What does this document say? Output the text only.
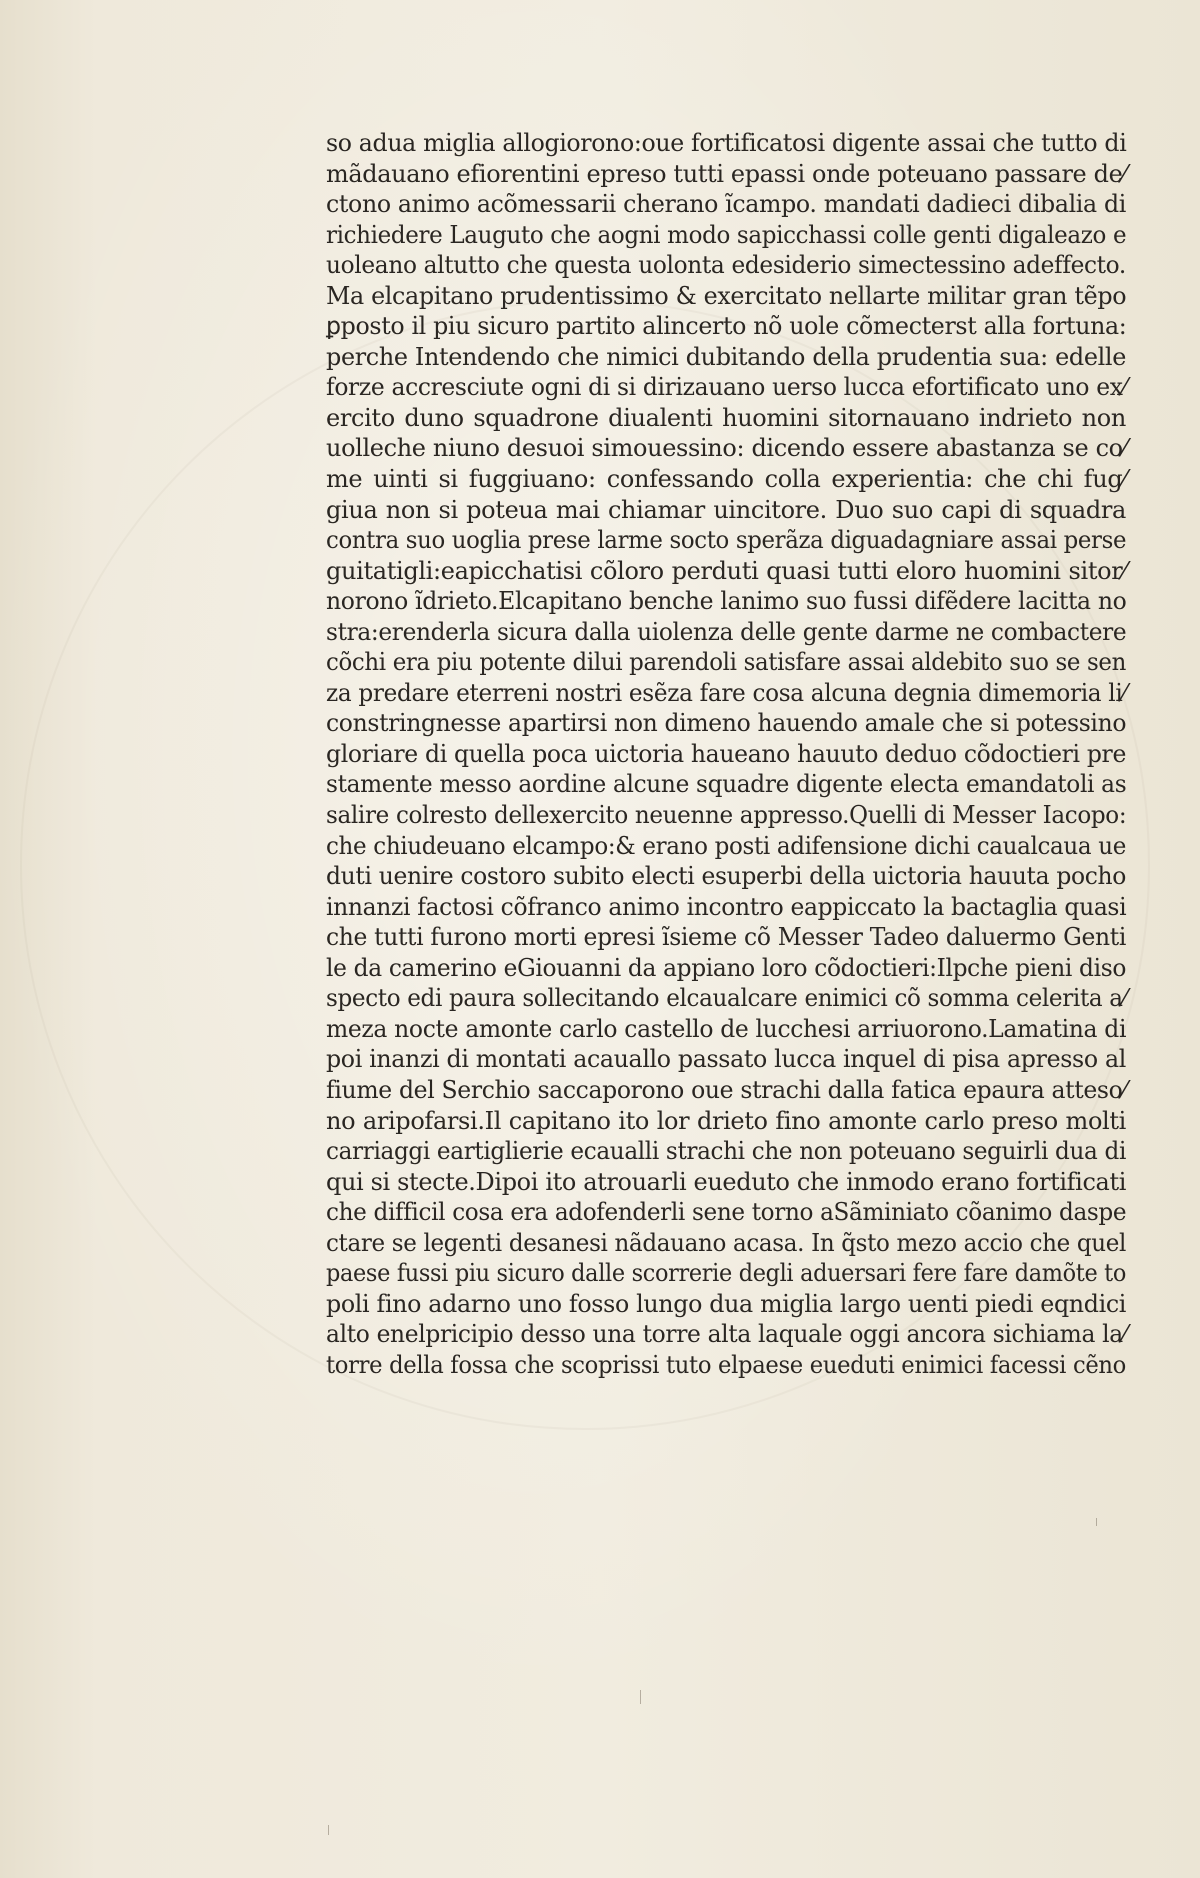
so adua miglia allogiorono:oue fortificatosi digente assai che tutto di
mãdauano efiorentini epreso tutti epassi onde poteuano passare de⁄
ctono animo acõmessarii cherano ĩcampo. mandati dadieci dibalia di
richiedere Lauguto che aogni modo sapicchassi colle genti digaleazo e
uoleano altutto che questa uolonta edesiderio simectessino adeffecto.
Ma elcapitano prudentissimo & exercitato nellarte militar gran tẽpo
ꝑposto il piu sicuro partito alincerto nõ uole cõmecterst alla fortuna:
perche Intendendo che nimici dubitando della prudentia sua: edelle
forze accresciute ogni di si dirizauano uerso lucca efortificato uno ex⁄
ercito duno squadrone diualenti huomini sitornauano indrieto non
uolleche niuno desuoi simouessino: dicendo essere abastanza se co⁄
me uinti si fuggiuano: confessando colla experientia: che chi fug⁄
giua non si poteua mai chiamar uincitore. Duo suo capi di squadra
contra suo uoglia prese larme socto sperãza diguadagniare assai perse
guitatigli:eapicchatisi cõloro perduti quasi tutti eloro huomini sitor⁄
norono ĩdrieto.Elcapitano benche lanimo suo fussi difẽdere lacitta no
stra:erenderla sicura dalla uiolenza delle gente darme ne combactere
cõchi era piu potente dilui parendoli satisfare assai aldebito suo se sen
za predare eterreni nostri esẽza fare cosa alcuna degnia dimemoria li⁄
constringnesse apartirsi non dimeno hauendo amale che si potessino
gloriare di quella poca uictoria haueano hauuto deduo cõdoctieri pre
stamente messo aordine alcune squadre digente electa emandatoli as
salire colresto dellexercito neuenne appresso.Quelli di Messer Iacopo:
che chiudeuano elcampo:& erano posti adifensione dichi caualcaua ue
duti uenire costoro subito electi esuperbi della uictoria hauuta pocho
innanzi factosi cõfranco animo incontro eappiccato la bactaglia quasi
che tutti furono morti epresi ĩsieme cõ Messer Tadeo daluermo Genti
le da camerino eGiouanni da appiano loro cõdoctieri:Ilpche pieni diso
specto edi paura sollecitando elcaualcare enimici cõ somma celerita a⁄
meza nocte amonte carlo castello de lucchesi arriuorono.Lamatina di
poi inanzi di montati acauallo passato lucca inquel di pisa apresso al
fiume del Serchio saccaporono oue strachi dalla fatica epaura atteso⁄
no aripofarsi.Il capitano ito lor drieto fino amonte carlo preso molti
carriaggi eartiglierie ecaualli strachi che non poteuano seguirli dua di
qui si stecte.Dipoi ito atrouarli eueduto che inmodo erano fortificati
che difficil cosa era adofenderli sene torno aSãminiato cõanimo daspe
ctare se legenti desanesi nãdauano acasa. In q̃sto mezo accio che quel
paese fussi piu sicuro dalle scorrerie degli aduersari fere fare damõte to
poli fino adarno uno fosso lungo dua miglia largo uenti piedi eqndici
alto enelpricipio desso una torre alta laquale oggi ancora sichiama la⁄
torre della fossa che scoprissi tuto elpaese eueduti enimici facessi cẽno
